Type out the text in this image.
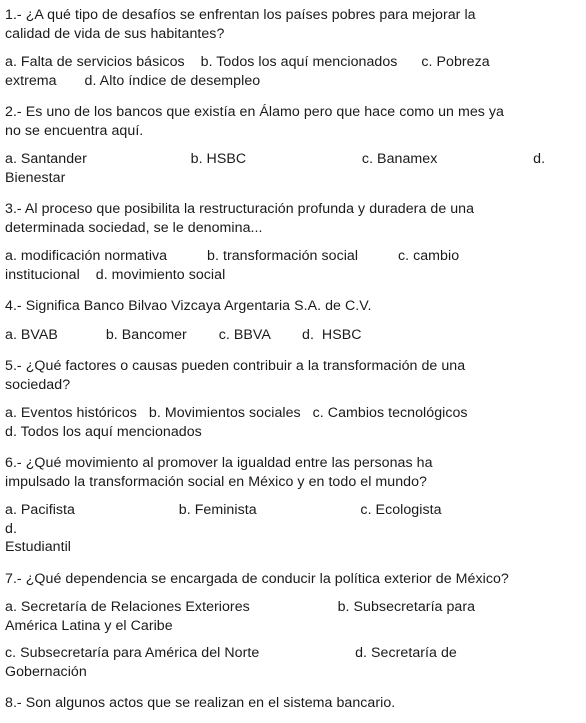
1.- ¿A qué tipo de desafíos se enfrentan los países pobres para mejorar la
calidad de vida de sus habitantes?

a. Falta de servicios básicos    b. Todos los aquí mencionados      c. Pobreza
extrema       d. Alto índice de desempleo

2.- Es uno de los bancos que existía en Álamo pero que hace como un mes ya
no se encuentra aquí.

a. Santander                          b. HSBC                             c. Banamex                        d.
Bienestar

3.- Al proceso que posibilita la restructuración profunda y duradera de una
determinada sociedad, se le denomina...

a. modificación normativa          b. transformación social          c. cambio
institucional    d. movimiento social

4.- Significa Banco Bilvao Vizcaya Argentaria S.A. de C.V.

a. BVAB            b. Bancomer        c. BBVA        d.  HSBC

5.- ¿Qué factores o causas pueden contribuir a la transformación de una
sociedad?

a. Eventos históricos   b. Movimientos sociales   c. Cambios tecnológicos
d. Todos los aquí mencionados

6.- ¿Qué movimiento al promover la igualdad entre las personas ha
impulsado la transformación social en México y en todo el mundo?

a. Pacifista                          b. Feminista                          c. Ecologista                                    d.
Estudiantil

7.- ¿Qué dependencia se encargada de conducir la política exterior de México?

a. Secretaría de Relaciones Exteriores                      b. Subsecretaría para
América Latina y el Caribe

c. Subsecretaría para América del Norte                        d. Secretaría de
Gobernación

8.- Son algunos actos que se realizan en el sistema bancario.
